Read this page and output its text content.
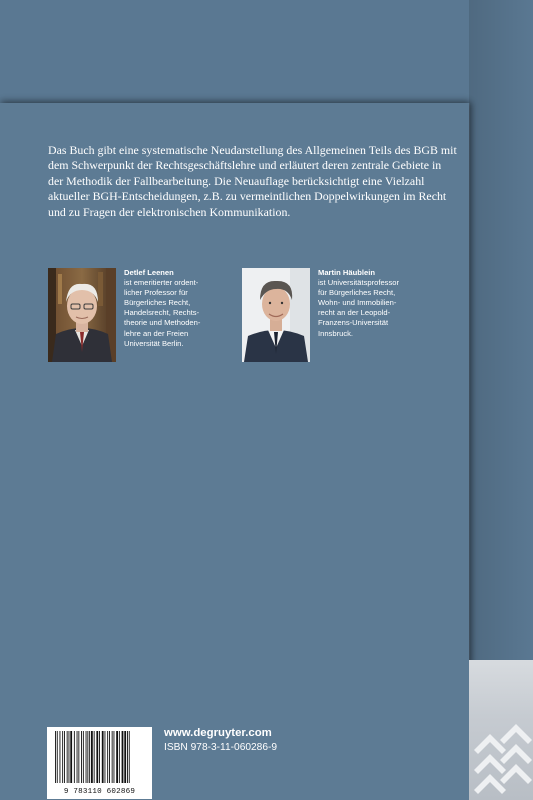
Das Buch gibt eine systematische Neudarstellung des Allgemeinen Teils des BGB mit dem Schwerpunkt der Rechtsgeschäftslehre und erläutert deren zentrale Gebiete in der Methodik der Fallbearbeitung. Die Neuauflage berücksichtigt eine Vielzahl aktueller BGH-Entscheidungen, z.B. zu vermeintlichen Doppelwirkungen im Recht und zu Fragen der elektronischen Kommunikation.
Detlef Leenen
ist emeritierter ordent-
licher Professor für
Bürgerliches Recht,
Handelsrecht, Rechts-
theorie und Methoden-
lehre an der Freien
Universität Berlin.
Martin Häublein
ist Universitätsprofessor
für Bürgerliches Recht,
Wohn- und Immobilien-
recht an der Leopold-
Franzens-Universität
Innsbruck.
9 783110 602869
www.degruyter.com
ISBN 978-3-11-060286-9
